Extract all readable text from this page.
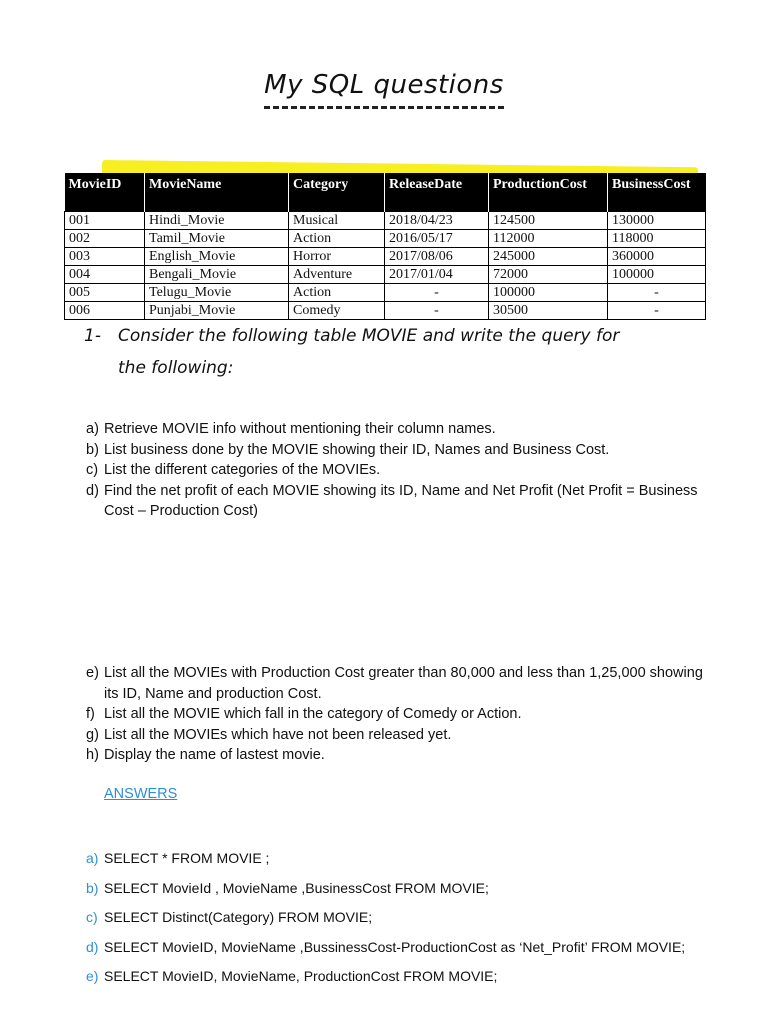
My SQL questions
MovieID	MovieName	Category	ReleaseDate	ProductionCost	BusinessCost
001	Hindi_Movie	Musical	2018/04/23	124500	130000
002	Tamil_Movie	Action	2016/05/17	112000	118000
003	English_Movie	Horror	2017/08/06	245000	360000
004	Bengali_Movie	Adventure	2017/01/04	72000	100000
005	Telugu_Movie	Action	-	100000	-
006	Punjabi_Movie	Comedy	-	30500	-
1- Consider the following table MOVIE and write the query for
the following:
a) Retrieve MOVIE info without mentioning their column names.
b) List business done by the MOVIE showing their ID, Names and Business Cost.
c) List the different categories of the MOVIEs.
d) Find the net profit of each MOVIE showing its ID, Name and Net Profit (Net Profit = Business Cost – Production Cost)
e) List all the MOVIEs with Production Cost greater than 80,000 and less than 1,25,000 showing its ID, Name and production Cost.
f) List all the MOVIE which fall in the category of Comedy or Action.
g) List all the MOVIEs which have not been released yet.
h) Display the name of lastest movie.
ANSWERS
a) SELECT * FROM MOVIE ;
b) SELECT MovieId , MovieName ,BusinessCost FROM MOVIE;
c) SELECT Distinct(Category) FROM MOVIE;
d) SELECT MovieID, MovieName ,BussinessCost-ProductionCost as ‘Net_Profit’ FROM MOVIE;
e) SELECT MovieID, MovieName, ProductionCost FROM MOVIE;
